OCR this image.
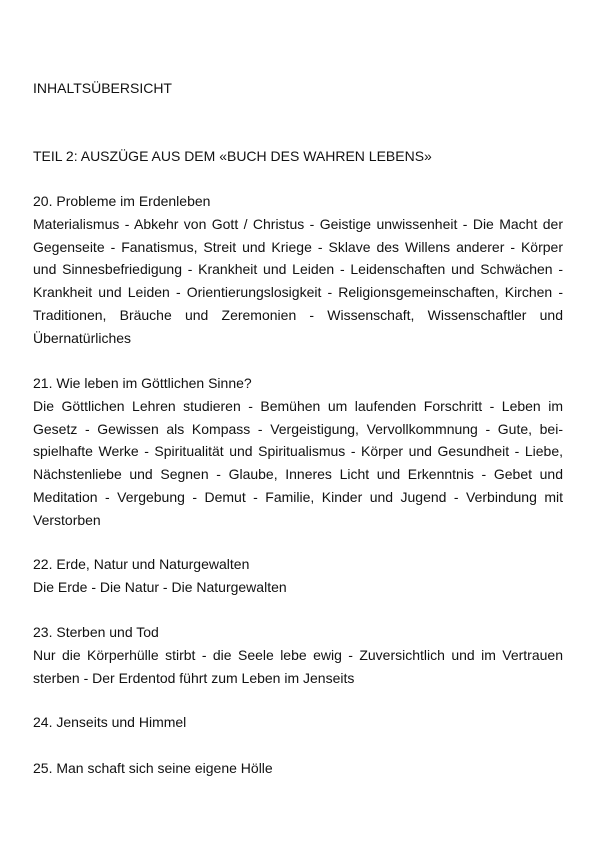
INHALTSÜBERSICHT
TEIL 2: AUSZÜGE AUS DEM «BUCH DES WAHREN LEBENS»
20. Probleme im Erdenleben
Materialismus - Abkehr von Gott / Christus - Geistige unwissenheit - Die Macht der Gegenseite - Fanatismus, Streit und Kriege - Sklave des Willens anderer - Körper und Sinnesbefriedigung - Krankheit und Leiden - Leidenschaften und Schwächen - Krankheit und Leiden - Orientierungslosigkeit - Religionsgemeinschaften, Kirchen - Traditionen, Bräuche und Zeremonien - Wissenschaft, Wissenschaftler und Übernatürliches
21. Wie leben im Göttlichen Sinne?
Die Göttlichen Lehren studieren - Bemühen um laufenden Forschritt - Leben im Gesetz - Gewissen als Kompass - Vergeistigung, Vervollkommnung - Gute, beispielhafte Werke - Spiritualität und Spiritualismus - Körper und Gesundheit - Liebe, Nächstenliebe und Segnen - Glaube, Inneres Licht und Erkenntnis - Gebet und Meditation - Vergebung - Demut - Familie, Kinder und Jugend - Verbindung mit Verstorben
22. Erde, Natur und Naturgewalten
Die Erde - Die Natur - Die Naturgewalten
23. Sterben und Tod
Nur die Körperhülle stirbt - die Seele lebe ewig - Zuversichtlich und im Vertrauen sterben - Der Erdentod führt zum Leben im Jenseits
24. Jenseits und Himmel
25. Man schaft sich seine eigene Hölle
